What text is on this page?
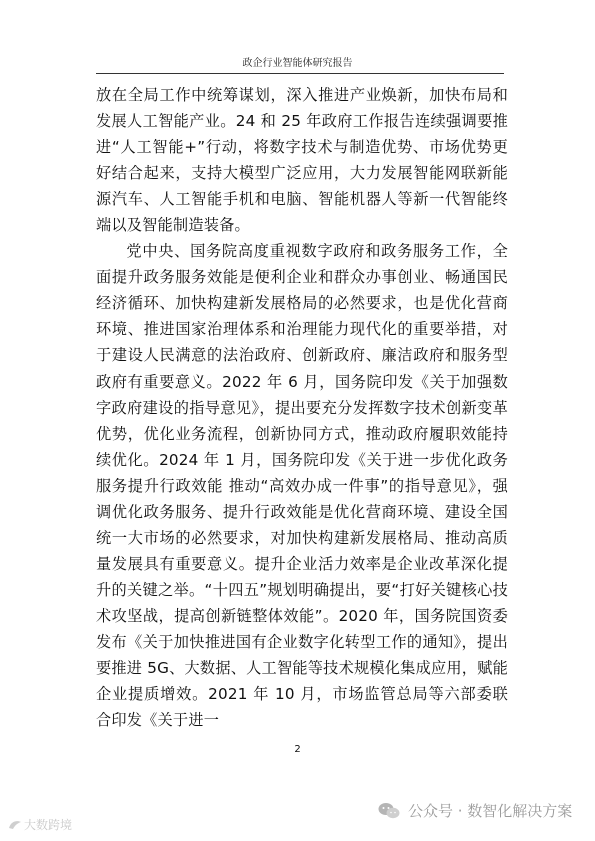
政企行业智能体研究报告

放在全局工作中统筹谋划，深入推进产业焕新，加快布局和发展人工智能产业。24 和 25 年政府工作报告连续强调要推进“人工智能+”行动，将数字技术与制造优势、市场优势更好结合起来，支持大模型广泛应用，大力发展智能网联新能源汽车、人工智能手机和电脑、智能机器人等新一代智能终端以及智能制造装备。

党中央、国务院高度重视数字政府和政务服务工作，全面提升政务服务效能是便利企业和群众办事创业、畅通国民经济循环、加快构建新发展格局的必然要求，也是优化营商环境、推进国家治理体系和治理能力现代化的重要举措，对于建设人民满意的法治政府、创新政府、廉洁政府和服务型政府有重要意义。2022 年 6 月，国务院印发《关于加强数字政府建设的指导意见》，提出要充分发挥数字技术创新变革优势，优化业务流程，创新协同方式，推动政府履职效能持续优化。2024 年 1 月，国务院印发《关于进一步优化政务服务提升行政效能 推动“高效办成一件事”的指导意见》，强调优化政务服务、提升行政效能是优化营商环境、建设全国统一大市场的必然要求，对加快构建新发展格局、推动高质量发展具有重要意义。提升企业活力效率是企业改革深化提升的关键之举。“十四五”规划明确提出，要“打好关键核心技术攻坚战，提高创新链整体效能”。2020 年，国务院国资委发布《关于加快推进国有企业数字化转型工作的通知》，提出要推进 5G、大数据、人工智能等技术规模化集成应用，赋能企业提质增效。2021 年 10 月，市场监管总局等六部委联合印发《关于进一

2
公众号 · 数智化解决方案
大数跨境
